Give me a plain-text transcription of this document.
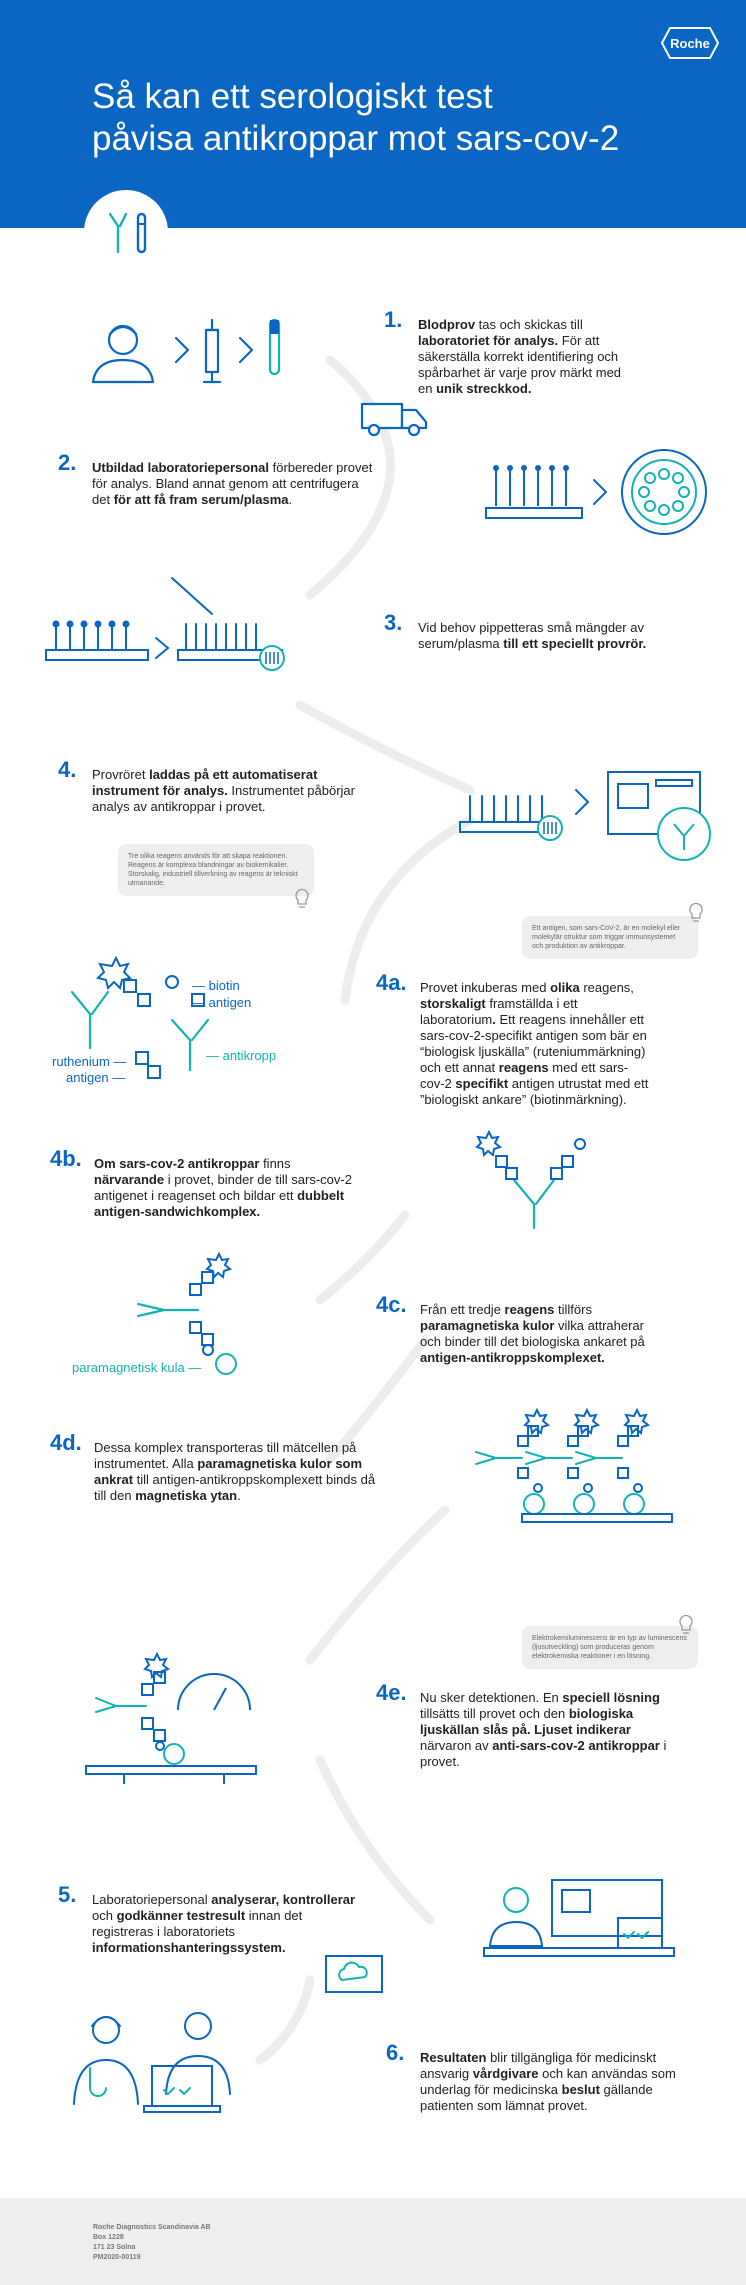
Roche
Så kan ett serologiskt test
påvisa antikroppar mot sars-cov-2
1. Blodprov tas och skickas till laboratoriet för analys. För att säkerställa korrekt identifiering och spårbarhet är varje prov märkt med en unik streckkod.
2. Utbildad laboratoriepersonal förbereder provet för analys. Bland annat genom att centrifugera det för att få fram serum/plasma.
3. Vid behov pippetteras små mängder av serum/plasma till ett speciellt provrör.
4. Provröret laddas på ett automatiserat instrument för analys. Instrumentet påbörjar analys av antikroppar i provet.
Tre olika reagens används för att skapa reaktionen. Reagens är komplexa blandningar av biokemikalier. Storskalig, industriell tillverkning av reagens är tekniskt utmanande.
Ett antigen, som sars-CoV-2, är en molekyl eller molekylär struktur som triggar immunsystemet och produktion av antikroppar.
— biotin
— antigen
ruthenium —
antigen —
— antikropp
4a. Provet inkuberas med olika reagens, storskaligt framställda i ett laboratorium. Ett reagens innehåller ett sars-cov-2-specifikt antigen som bär en “biologisk ljuskälla” (ruteniummärkning) och ett annat reagens med ett sars-cov-2 specifikt antigen utrustat med ett ”biologiskt ankare” (biotinmärkning).
4b. Om sars-cov-2 antikroppar finns närvarande i provet, binder de till sars-cov-2 antigenet i reagenset och bildar ett dubbelt antigen-sandwichkomplex.
paramagnetisk kula —
4c. Från ett tredje reagens tillförs paramagnetiska kulor vilka attraherar och binder till det biologiska ankaret på antigen-antikroppskomplexet.
4d. Dessa komplex transporteras till mätcellen på instrumentet. Alla paramagnetiska kulor som ankrat till antigen-antikroppskomplexett binds då till den magnetiska ytan.
Elektrokemiluminescens är en typ av luminescens (ljusutveckling) som produceras genom elektrokemiska reaktioner i en lösning.
4e. Nu sker detektionen. En speciell lösning tillsätts till provet och den biologiska ljuskällan slås på. Ljuset indikerar närvaron av anti-sars-cov-2 antikroppar i provet.
5. Laboratoriepersonal analyserar, kontrollerar och godkänner testresult innan det registreras i laboratoriets informationshanteringssystem.
6. Resultaten blir tillgängliga för medicinskt ansvarig vårdgivare och kan användas som underlag för medicinska beslut gällande patienten som lämnat provet.
Roche Diagnostics Scandinavia AB
Box 1228
171 23 Solna
PM2020-00119
